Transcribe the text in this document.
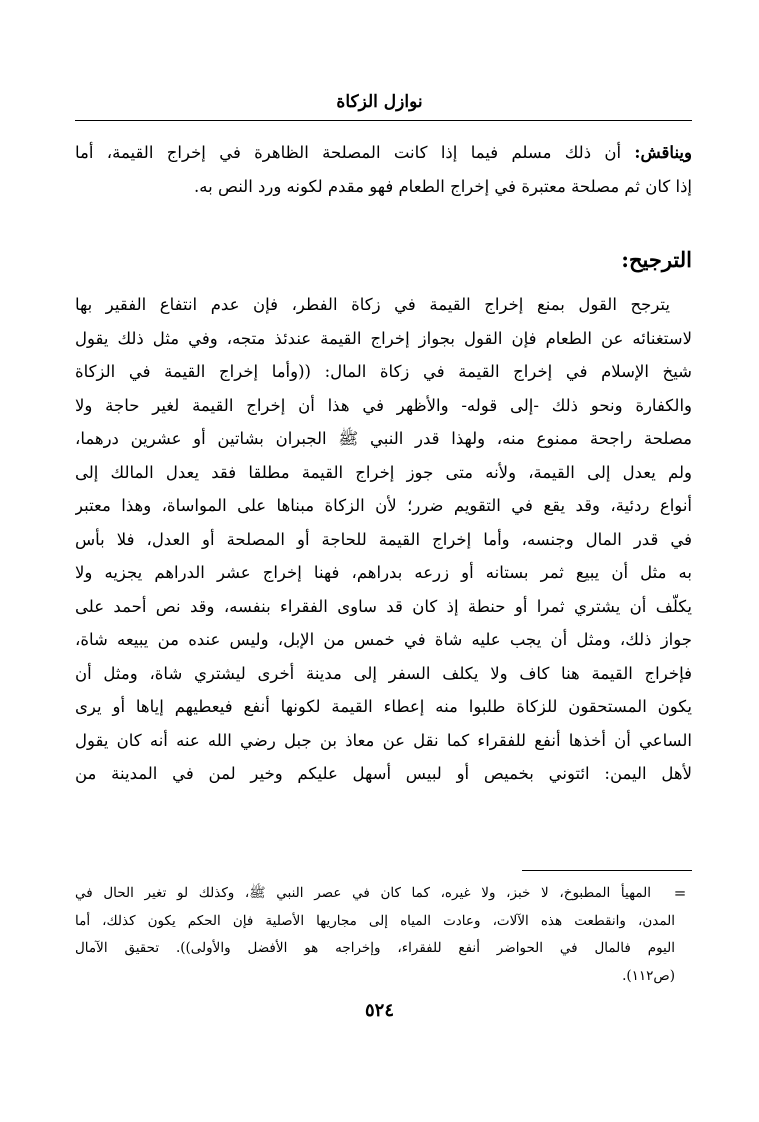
نوازل الزكاة
ويناقش: أن ذلك مسلم فيما إذا كانت المصلحة الظاهرة في إخراج القيمة، أما
إذا كان ثم مصلحة معتبرة في إخراج الطعام فهو مقدم لكونه ورد النص به.
الترجيح:
يترجح القول بمنع إخراج القيمة في زكاة الفطر، فإن عدم انتفاع الفقير بها
لاستغنائه عن الطعام فإن القول بجواز إخراج القيمة عندئذ متجه، وفي مثل ذلك يقول
شيخ الإسلام في إخراج القيمة في زكاة المال: ((وأما إخراج القيمة في الزكاة
والكفارة ونحو ذلك -إلى قوله- والأظهر في هذا أن إخراج القيمة لغير حاجة ولا
مصلحة راجحة ممنوع منه، ولهذا قدر النبي ﷺ الجبران بشاتين أو عشرين درهما،
ولم يعدل إلى القيمة، ولأنه متى جوز إخراج القيمة مطلقا فقد يعدل المالك إلى
أنواع ردئية، وقد يقع في التقويم ضرر؛ لأن الزكاة مبناها على المواساة، وهذا معتبر
في قدر المال وجنسه، وأما إخراج القيمة للحاجة أو المصلحة أو العدل، فلا بأس
به مثل أن يبيع ثمر بستانه أو زرعه بدراهم، فهنا إخراج عشر الدراهم يجزيه ولا
يكلّف أن يشتري ثمرا أو حنطة إذ كان قد ساوى الفقراء بنفسه، وقد نص أحمد على
جواز ذلك، ومثل أن يجب عليه شاة في خمس من الإبل، وليس عنده من يبيعه شاة،
فإخراج القيمة هنا كاف ولا يكلف السفر إلى مدينة أخرى ليشتري شاة، ومثل أن
يكون المستحقون للزكاة طلبوا منه إعطاء القيمة لكونها أنفع فيعطيهم إياها أو يرى
الساعي أن أخذها أنفع للفقراء كما نقل عن معاذ بن جبل رضي الله عنه أنه كان يقول
لأهل اليمن: ائتوني بخميص أو لبيس أسهل عليكم وخير لمن في المدينة من
=
المهيأ المطبوخ، لا خبز، ولا غيره، كما كان في عصر النبي ﷺ، وكذلك لو تغير الحال في
المدن، وانقطعت هذه الآلات، وعادت المياه إلى مجاريها الأصلية فإن الحكم يكون كذلك، أما
اليوم فالمال في الحواضر أنفع للفقراء، وإخراجه هو الأفضل والأولى)). تحقيق الآمال
(ص١١٢).
٥٢٤
